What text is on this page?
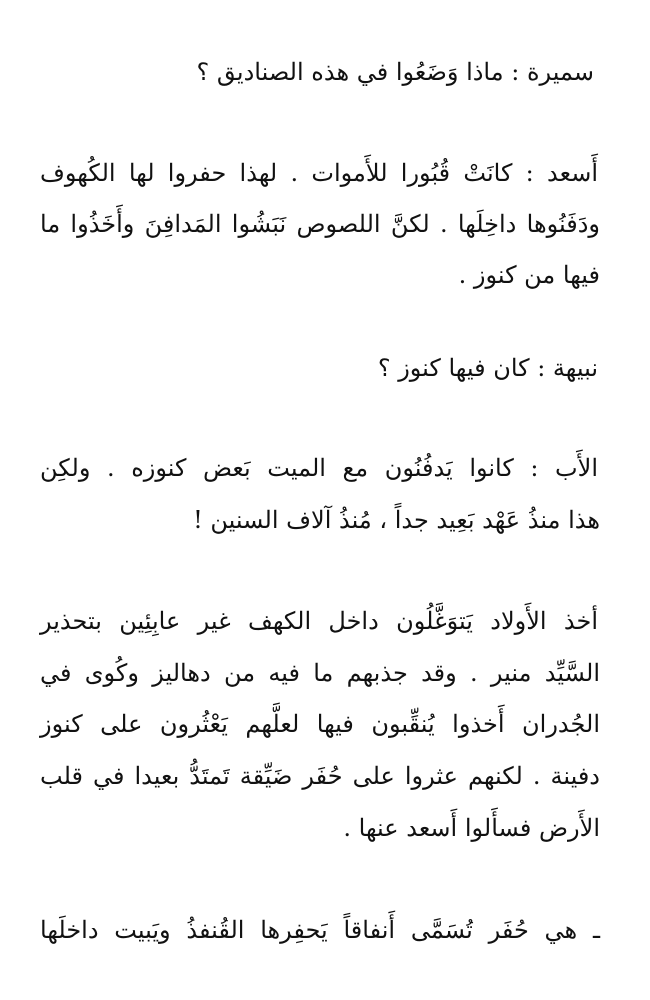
سميرة : ماذا وَضَعُوا في هذه الصناديق ؟
أَسعد : كانَتْ قُبُورا للأَموات . لهذا حفروا لها الكُهوف
ودَفَنُوها داخِلَها . لكنَّ اللصوص نَبَشُوا المَدافِنَ وأَخَذُوا ما
فيها من كنوز .
نبيهة : كان فيها كنوز ؟
الأَب : كانوا يَدفُنُون مع الميت بَعض كنوزه . ولكِن
هذا منذُ عَهْد بَعِيد جداً ، مُنذُ آلاف السنين !
أخذ الأَولاد يَتوَغَّلُون داخل الكهف غير عابِئِين بتحذير
السَّيِّد منير . وقد جذبهم ما فيه من دهاليز وكُوى في
الجُدران أَخذوا يُنقِّبون فيها لعلَّهم يَعْثُرون على كنوز
دفينة . لكنهم عثروا على حُفَر ضَيِّقة تَمتَدُّ بعيدا في قلب
الأَرض فسأَلوا أَسعد عنها .
ـ هي حُفَر تُسَمَّى أَنفاقاً يَحفِرها القُنفذُ ويَبيت داخلَها
